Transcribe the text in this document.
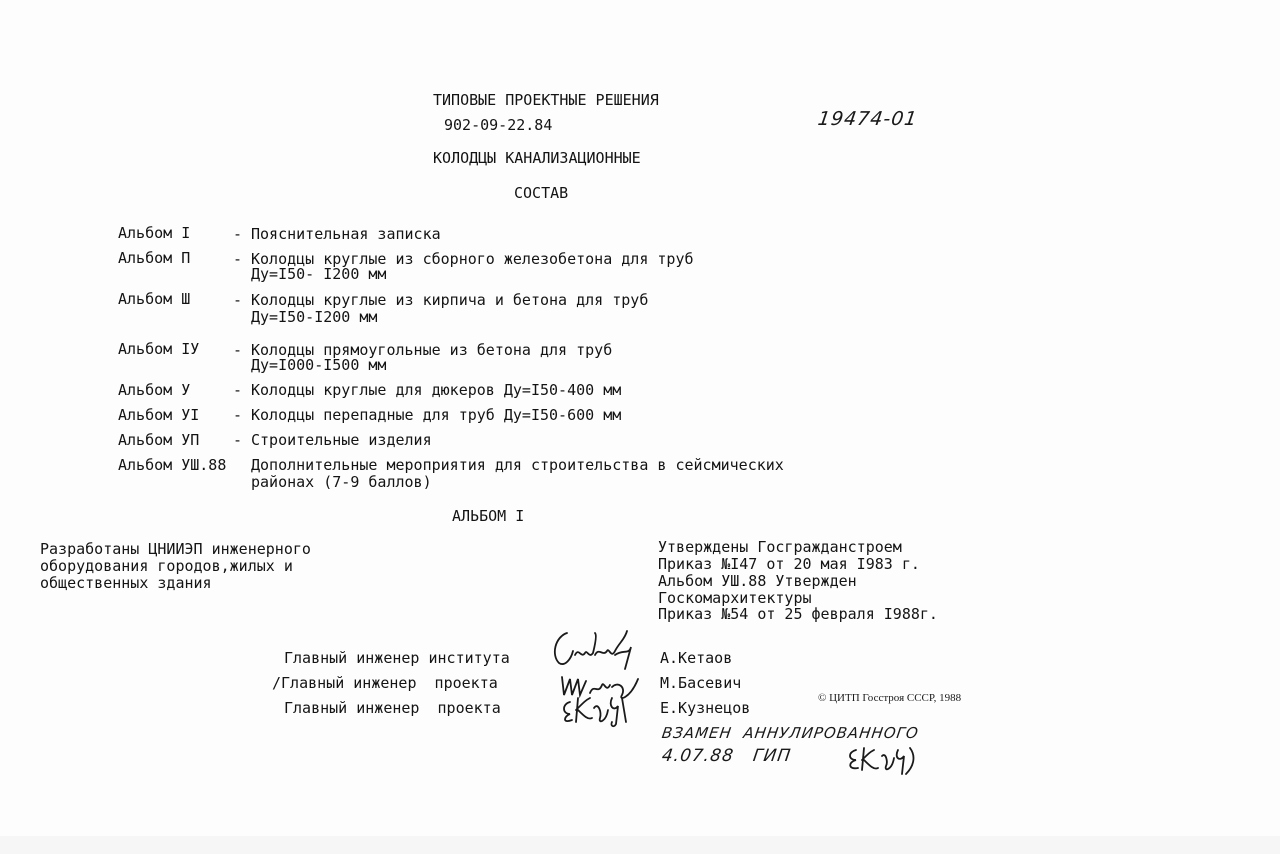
ТИПОВЫЕ ПРОЕКТНЫЕ РЕШЕНИЯ
902-09-22.84	19474-01
КОЛОДЦЫ КАНАЛИЗАЦИОННЫЕ
СОСТАВ
Альбом I	- Пояснительная записка
Альбом П	- Колодцы круглые из сборного железобетона для труб
Ду=I50- I200 мм
Альбом Ш	- Колодцы круглые из кирпича и бетона для труб
Ду=I50-I200 мм
Альбом IУ	- Колодцы прямоугольные из бетона для труб
Ду=I000-I500 мм
Альбом У	- Колодцы круглые для дюкеров Ду=I50-400 мм
Альбом УI	- Колодцы перепадные для труб Ду=I50-600 мм
Альбом УП	- Строительные изделия
Альбом УШ.88 Дополнительные мероприятия для строительства в сейсмических
районах (7-9 баллов)
АЛЬБОМ I
Разработаны ЦНИИЭП инженерного
оборудования городов,жилых и
общественных здания
Утверждены Госгражданстроем
Приказ №I47 от 20 мая I983 г.
Альбом УШ.88 Утвержден
Госкомархитектуры
Приказ №54 от 25 февраля I988г.
Главный инженер института	А.Кетаов
/Главный инженер  проекта	М.Басевич
Главный инженер  проекта	Е.Кузнецов
© ЦИТП Госстроя СССР, 1988
ВЗАМЕН  АННУЛИРОВАННОГО
4.07.88   ГИП
